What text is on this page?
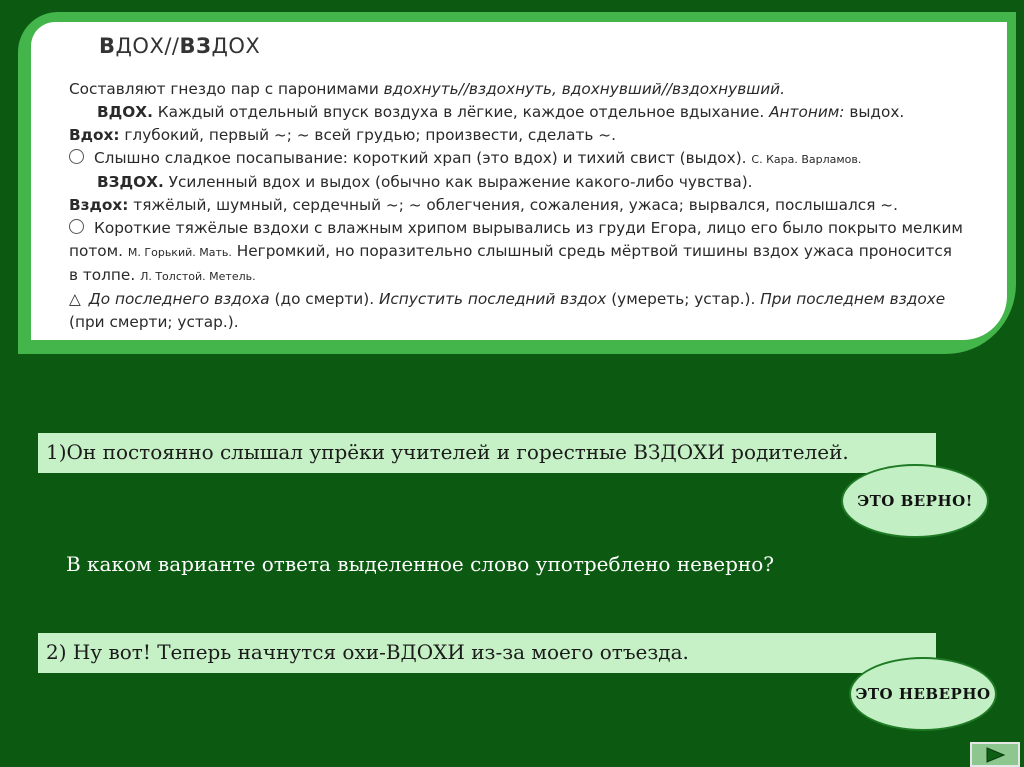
ВДОХ//ВЗДОХ
Составляют гнездо пар с паронимами вдохнуть//вздохнуть, вдохнувший//вздохнувший.
ВДОХ. Каждый отдельный впуск воздуха в лёгкие, каждое отдельное вдыхание. Антоним: выдох.
Вдох: глубокий, первый ~; ~ всей грудью; произвести, сделать ~.
Слышно сладкое посапывание: короткий храп (это вдох) и тихий свист (выдох). С. Кара. Варламов.
ВЗДОХ. Усиленный вдох и выдох (обычно как выражение какого-либо чувства).
Вздох: тяжёлый, шумный, сердечный ~; ~ облегчения, сожаления, ужаса; вырвался, послышался ~.
Короткие тяжёлые вздохи с влажным хрипом вырывались из груди Егора, лицо его было покрыто мелким
потом. М. Горький. Мать. Негромкий, но поразительно слышный средь мёртвой тишины вздох ужаса проносится
в толпе. Л. Толстой. Метель.
△ До последнего вздоха (до смерти). Испустить последний вздох (умереть; устар.). При последнем вздохе
(при смерти; устар.).
1)Он постоянно слышал упрёки учителей и горестные ВЗДОХИ родителей.
ЭТО ВЕРНО!
В каком варианте ответа выделенное слово употреблено неверно?
2) Ну вот! Теперь начнутся охи-ВДОХИ из-за моего отъезда.
ЭТО НЕВЕРНО
